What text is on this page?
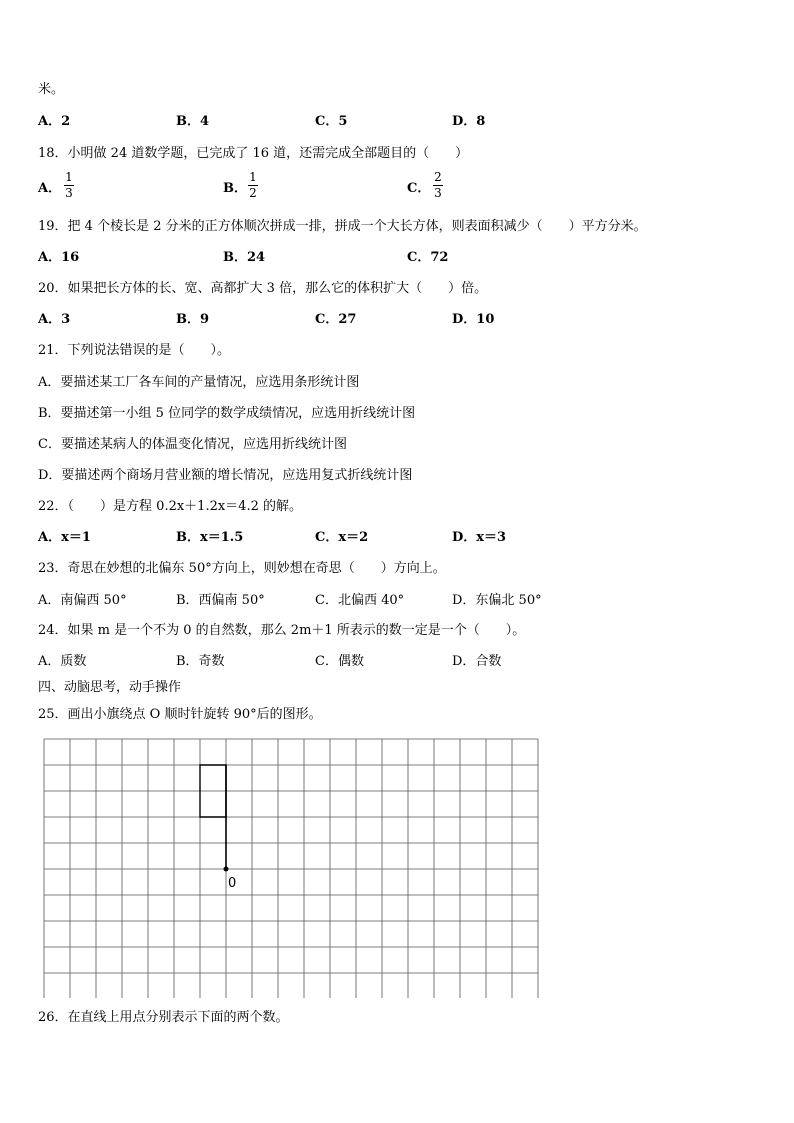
米。
A．2	B．4	C．5	D．8
18．小明做 24 道数学题，已完成了 16 道，还需完成全部题目的（　　）
A．
1
3	B．
1
2	C．
2
3
19．把 4 个棱长是 2 分米的正方体顺次拼成一排，拼成一个大长方体，则表面积减少（　　）平方分米。
A．16	B．24	C．72
20．如果把长方体的长、宽、高都扩大 3 倍，那么它的体积扩大（　　）倍。
A．3	B．9	C．27	D．10
21．下列说法错误的是（　　）。
A．要描述某工厂各车间的产量情况，应选用条形统计图
B．要描述第一小组 5 位同学的数学成绩情况，应选用折线统计图
C．要描述某病人的体温变化情况，应选用折线统计图
D．要描述两个商场月营业额的增长情况，应选用复式折线统计图
22．（　　）是方程 0.2x＋1.2x＝4.2 的解。
A．x＝1	B．x＝1.5	C．x＝2	D．x＝3
23．奇思在妙想的北偏东 50°方向上，则妙想在奇思（　　）方向上。
A．南偏西 50°	B．西偏南 50°	C．北偏西 40°	D．东偏北 50°
24．如果 m 是一个不为 0 的自然数，那么 2m＋1 所表示的数一定是一个（　　）。
A．质数	B．奇数	C．偶数	D．合数
四、动脑思考，动手操作
25．画出小旗绕点 O 顺时针旋转 90°后的图形。
0
26．在直线上用点分别表示下面的两个数。
